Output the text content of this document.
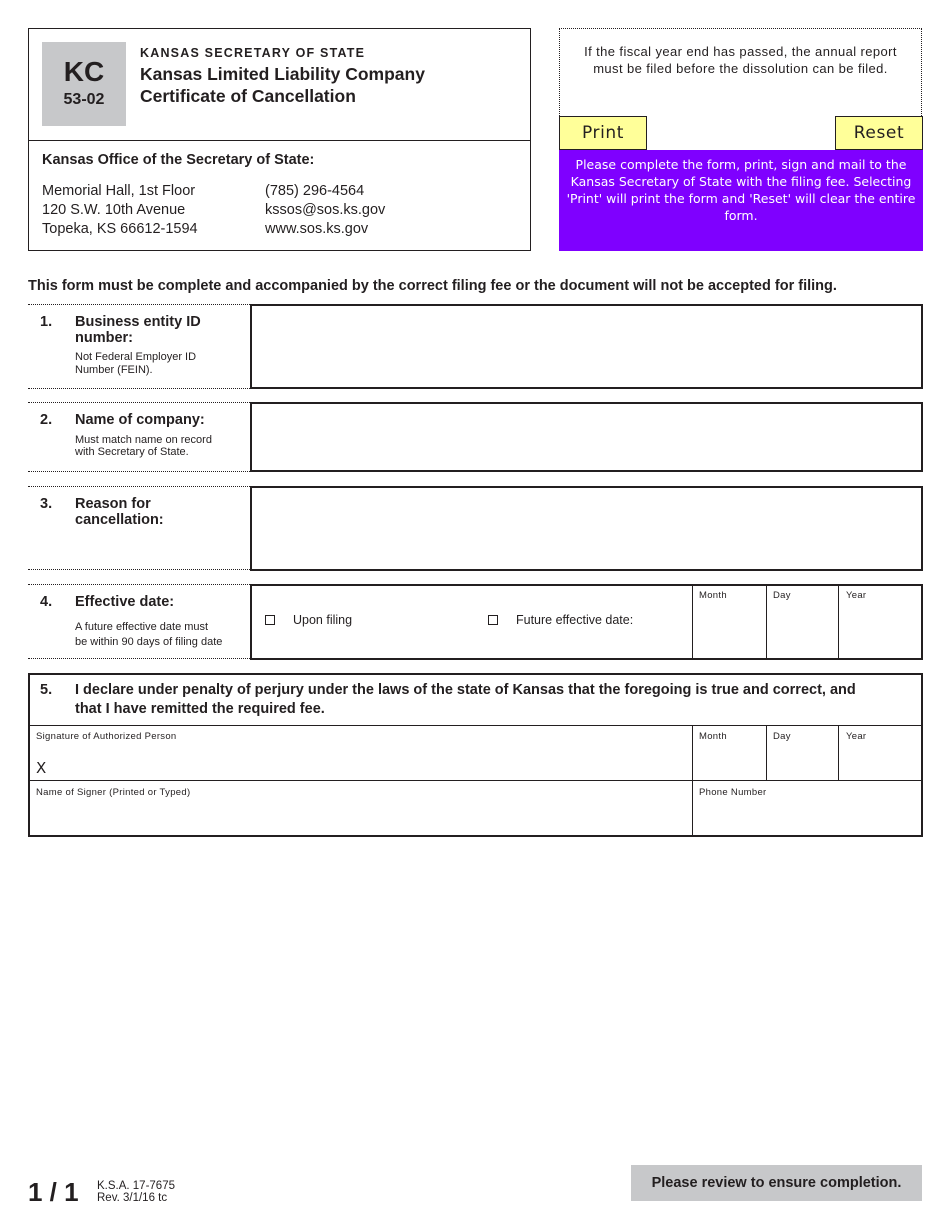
KC
53-02
KANSAS SECRETARY OF STATE
Kansas Limited Liability Company
Certificate of Cancellation
Kansas Office of the Secretary of State:
Memorial Hall, 1st Floor
120 S.W. 10th Avenue
Topeka, KS 66612-1594
(785) 296-4564
kssos@sos.ks.gov
www.sos.ks.gov
If the fiscal year end has passed, the annual report must be filed before the dissolution can be filed.
Print	Reset
Please complete the form, print, sign and mail to the Kansas Secretary of State with the filing fee. Selecting 'Print' will print the form and 'Reset' will clear the entire form.
This form must be complete and accompanied by the correct filing fee or the document will not be accepted for filing.
1. Business entity ID
number:
Not Federal Employer ID
Number (FEIN).
2. Name of company:
Must match name on record
with Secretary of State.
3. Reason for
cancellation:
4. Effective date:
A future effective date must
be within 90 days of filing date
Upon filing	Future effective date:
Month	Day	Year
5. I declare under penalty of perjury under the laws of the state of Kansas that the foregoing is true and correct, and
that I have remitted the required fee.
Signature of Authorized Person
X
Month	Day	Year
Name of Signer (Printed or Typed)	Phone Number
1 / 1 K.S.A. 17-7675
Rev. 3/1/16 tc
Please review to ensure completion.
